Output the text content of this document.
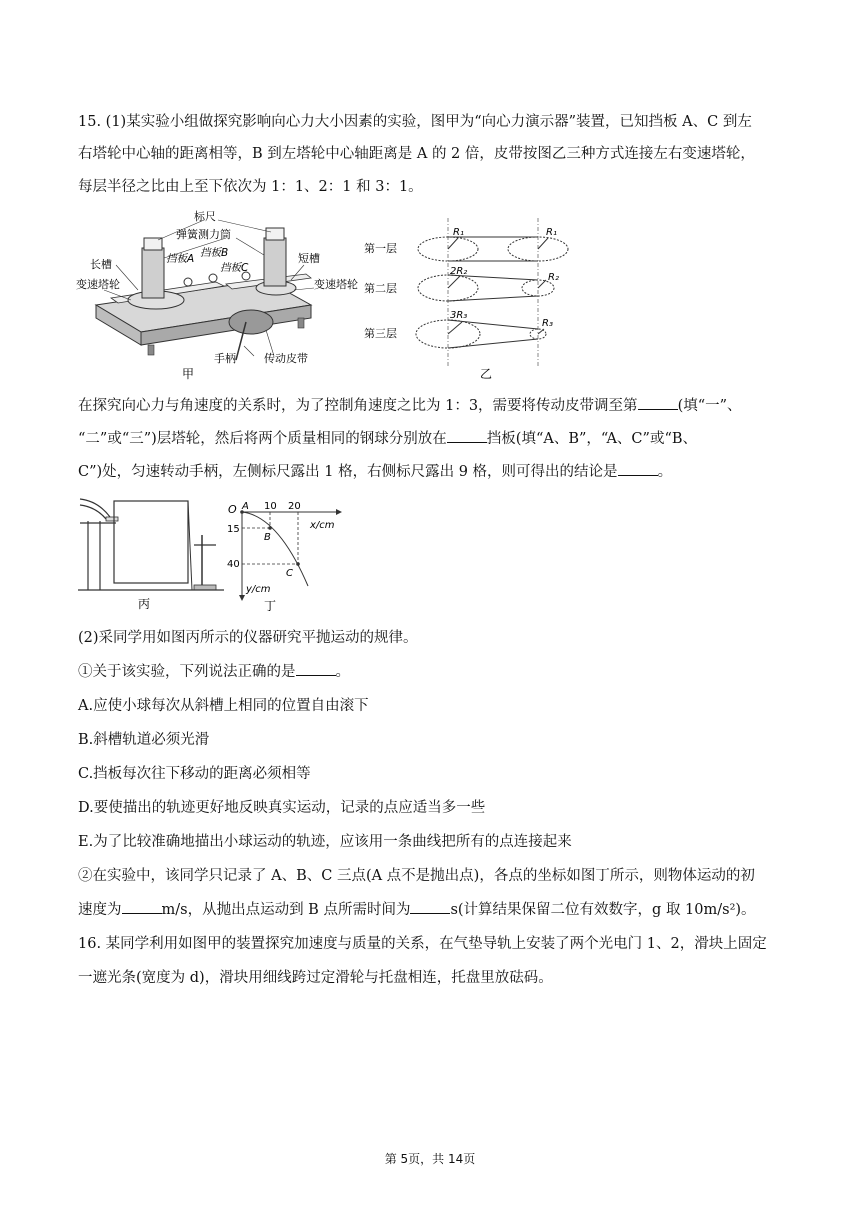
15. (1)某实验小组做探究影响向心力大小因素的实验，图甲为“向心力演示器”装置，已知挡板 A、C 到左
右塔轮中心轴的距离相等，B 到左塔轮中心轴距离是 A 的 2 倍，皮带按图乙三种方式连接左右变速塔轮，
每层半径之比由上至下依次为 1：1、2：1 和 3：1。
标尺
弹簧测力筒
挡板A 挡板B
挡板C
长槽	短槽
变速塔轮	变速塔轮
手柄	传动皮带
甲
第一层
第二层
第三层
R₁
2R₂
3R₃
R₁
R₂
R₃
乙
在探究向心力与角速度的关系时，为了控制角速度之比为 1：3，需要将传动皮带调至第	(填“一”、
“二”或“三”)层塔轮，然后将两个质量相同的钢球分别放在	挡板(填“A、B”，“A、C”或“B、
C”)处，匀速转动手柄，左侧标尺露出 1 格，右侧标尺露出 9 格，则可得出的结论是	。
丙
O A
B
C
10 20
15
40
x/cm
y/cm
丁
(2)采同学用如图丙所示的仪器研究平抛运动的规律。
①关于该实验，下列说法正确的是	。
A.应使小球每次从斜槽上相同的位置自由滚下
B.斜槽轨道必须光滑
C.挡板每次往下移动的距离必须相等
D.要使描出的轨迹更好地反映真实运动，记录的点应适当多一些
E.为了比较准确地描出小球运动的轨迹，应该用一条曲线把所有的点连接起来
②在实验中，该同学只记录了 A、B、C 三点(A 点不是抛出点)，各点的坐标如图丁所示，则物体运动的初
速度为	m/s，从抛出点运动到 B 点所需时间为	s(计算结果保留二位有效数字，g 取 10m/s²)。
16. 某同学利用如图甲的装置探究加速度与质量的关系，在气垫导轨上安装了两个光电门 1、2，滑块上固定
一遮光条(宽度为 d)，滑块用细线跨过定滑轮与托盘相连，托盘里放砝码。
第 5页，共 14页
